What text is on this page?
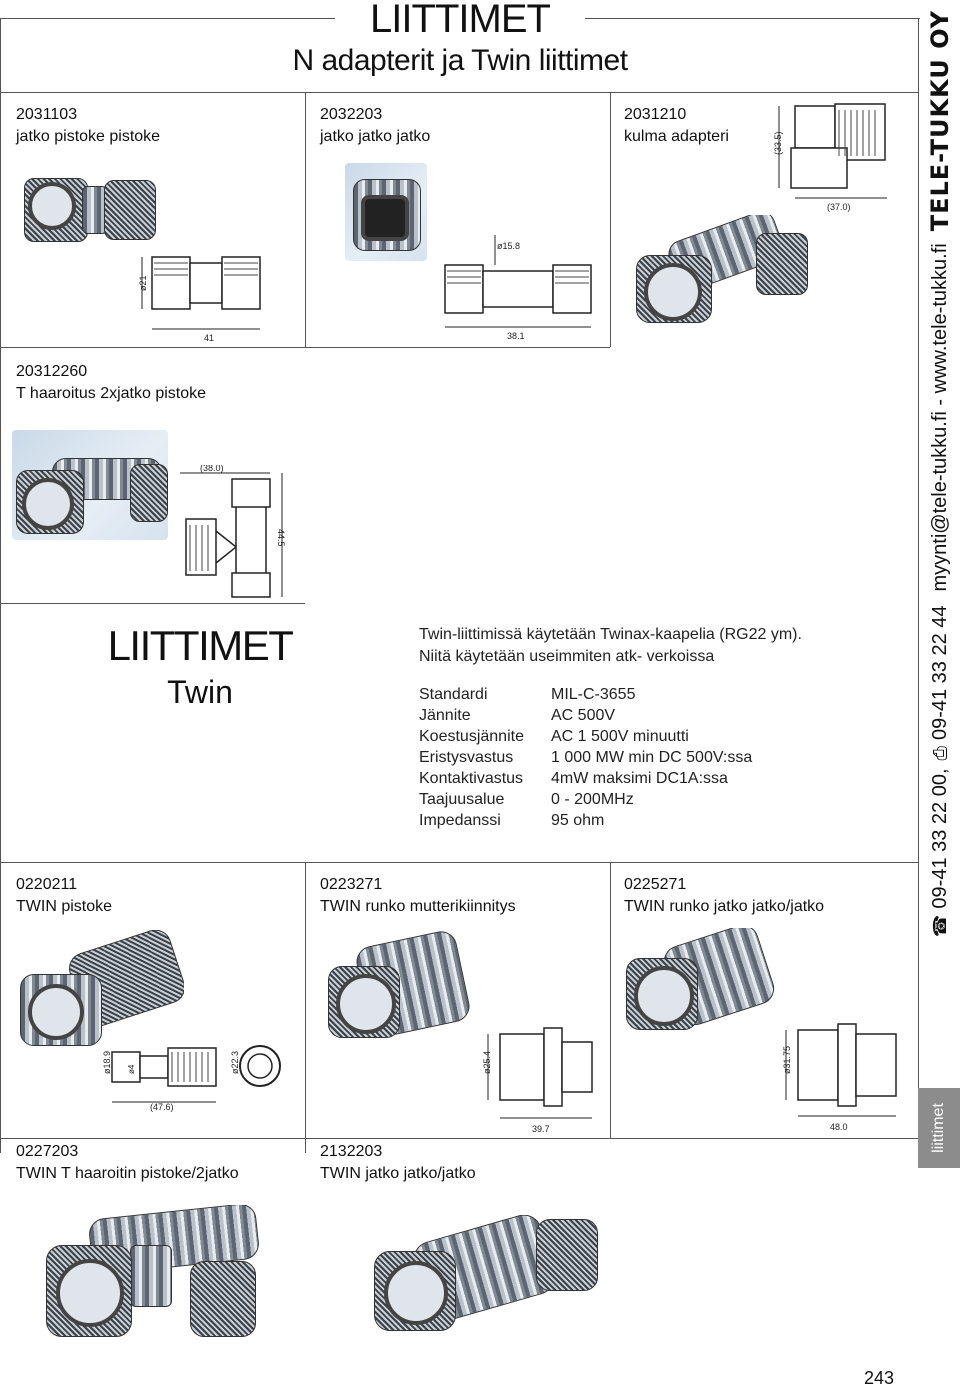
LIITTIMET
N adapterit ja Twin liittimet
2031103
jatko pistoke pistoke
ø21
41
2032203
jatko jatko jatko
ø15.8
38.1
2031210
kulma adapteri	(33.5)
(37.0)
20312260
T haaroitus 2xjatko pistoke
(38.0)
44.5
LIITTIMET
Twin
Twin-liittimissä käytetään Twinax-kaapelia (RG22 ym).
Niitä käytetään useimmiten atk- verkoissa
Standardi	MIL-C-3655
Jännite	AC 500V
Koestusjännite	AC 1 500V minuutti
Eristysvastus	1 000 MW min DC 500V:ssa
Kontaktivastus	4mW maksimi DC1A:ssa
Taajuusalue	0 - 200MHz
Impedanssi	95 ohm
0220211
TWIN pistoke
ø18.9 ø4	ø22.3
(47.6)
0223271
TWIN runko mutterikiinnitys
ø25.4
39.7
0225271
TWIN runko jatko jatko/jatko
ø31.75
48.0
0227203
TWIN T haaroitin pistoke/2jatko
2132203
TWIN jatko jatko/jatko
☎
09-41 33 22 00,
⎙
09-41 33 22 44
myynti@tele-tukku.fi - www.tele-tukku.fi
TELE-TUKKU OY
liittimet
243
